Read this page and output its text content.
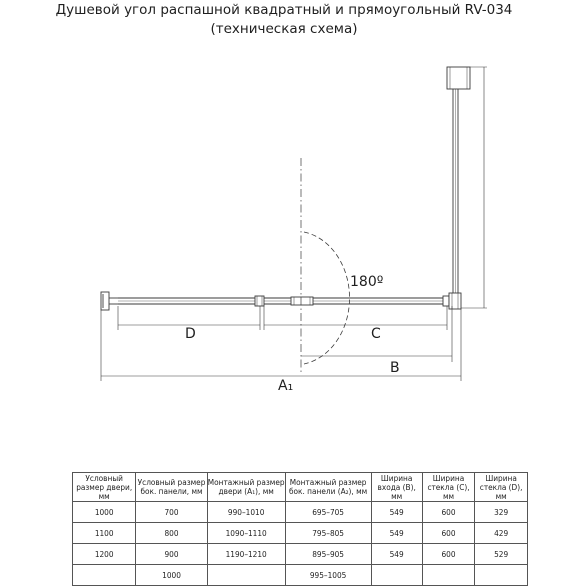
Душевой угол распашной квадратный и прямоугольный RV-034
(техническая схема)
180º
D	C
B
A₁
Условный размер двери, мм	Условный размер бок. панели, мм	Монтажный размер двери (A₁), мм	Монтажный размер бок. панели (A₂), мм	Ширина входа (B), мм	Ширина стекла (C), мм	Ширина стекла (D), мм
1000	700	990–1010	695–705	549	600	329
1100	800	1090–1110	795–805	549	600	429
1200	900	1190–1210	895–905	549	600	529
	1000		995–1005			
